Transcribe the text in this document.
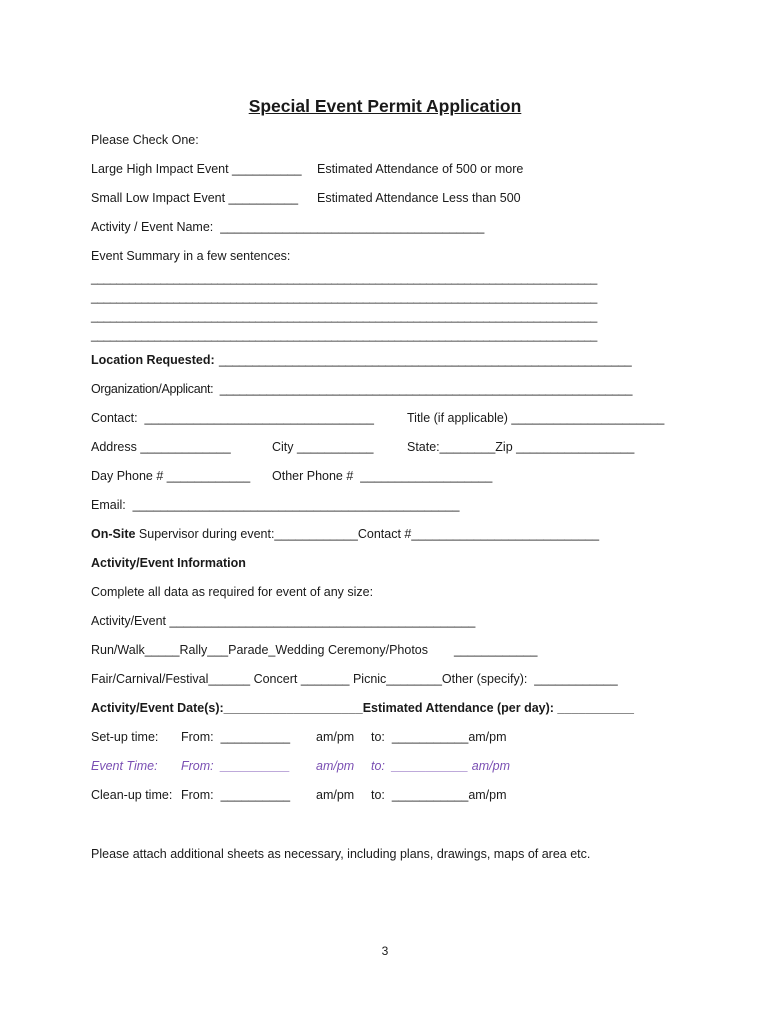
Special Event Permit Application
Please Check One:
Large High Impact Event __________ Estimated Attendance of 500 or more
Small Low Impact Event __________ Estimated Attendance Less than 500
Activity / Event Name:  ______________________________________
Event Summary in a few sentences:
________________________________________________________________________________
________________________________________________________________________________
________________________________________________________________________________
________________________________________________________________________________
Location Requested: ______________________________________________________________
Organization/Applicant:  ______________________________________________________________
Contact:  _________________________________	Title (if applicable) ______________________
Address _____________	City ___________	State:________Zip _________________
Day Phone # ____________ Other Phone #  ___________________
Email:  _______________________________________________
On-Site Supervisor during event:____________Contact #___________________________
Activity/Event Information
Complete all data as required for event of any size:
Activity/Event ____________________________________________
Run/Walk_____Rally___Parade_Wedding Ceremony/Photos ____________
Fair/Carnival/Festival______ Concert _______ Picnic________Other (specify):  ____________
Activity/Event Date(s):____________________Estimated Attendance (per day): ___________
Set-up time: From:  __________ am/pm to:  ___________am/pm
Event Time: From:  __________ am/pm to:  ___________ am/pm
Clean-up time: From:  __________ am/pm to:  ___________am/pm
Please attach additional sheets as necessary, including plans, drawings, maps of area etc.
3
